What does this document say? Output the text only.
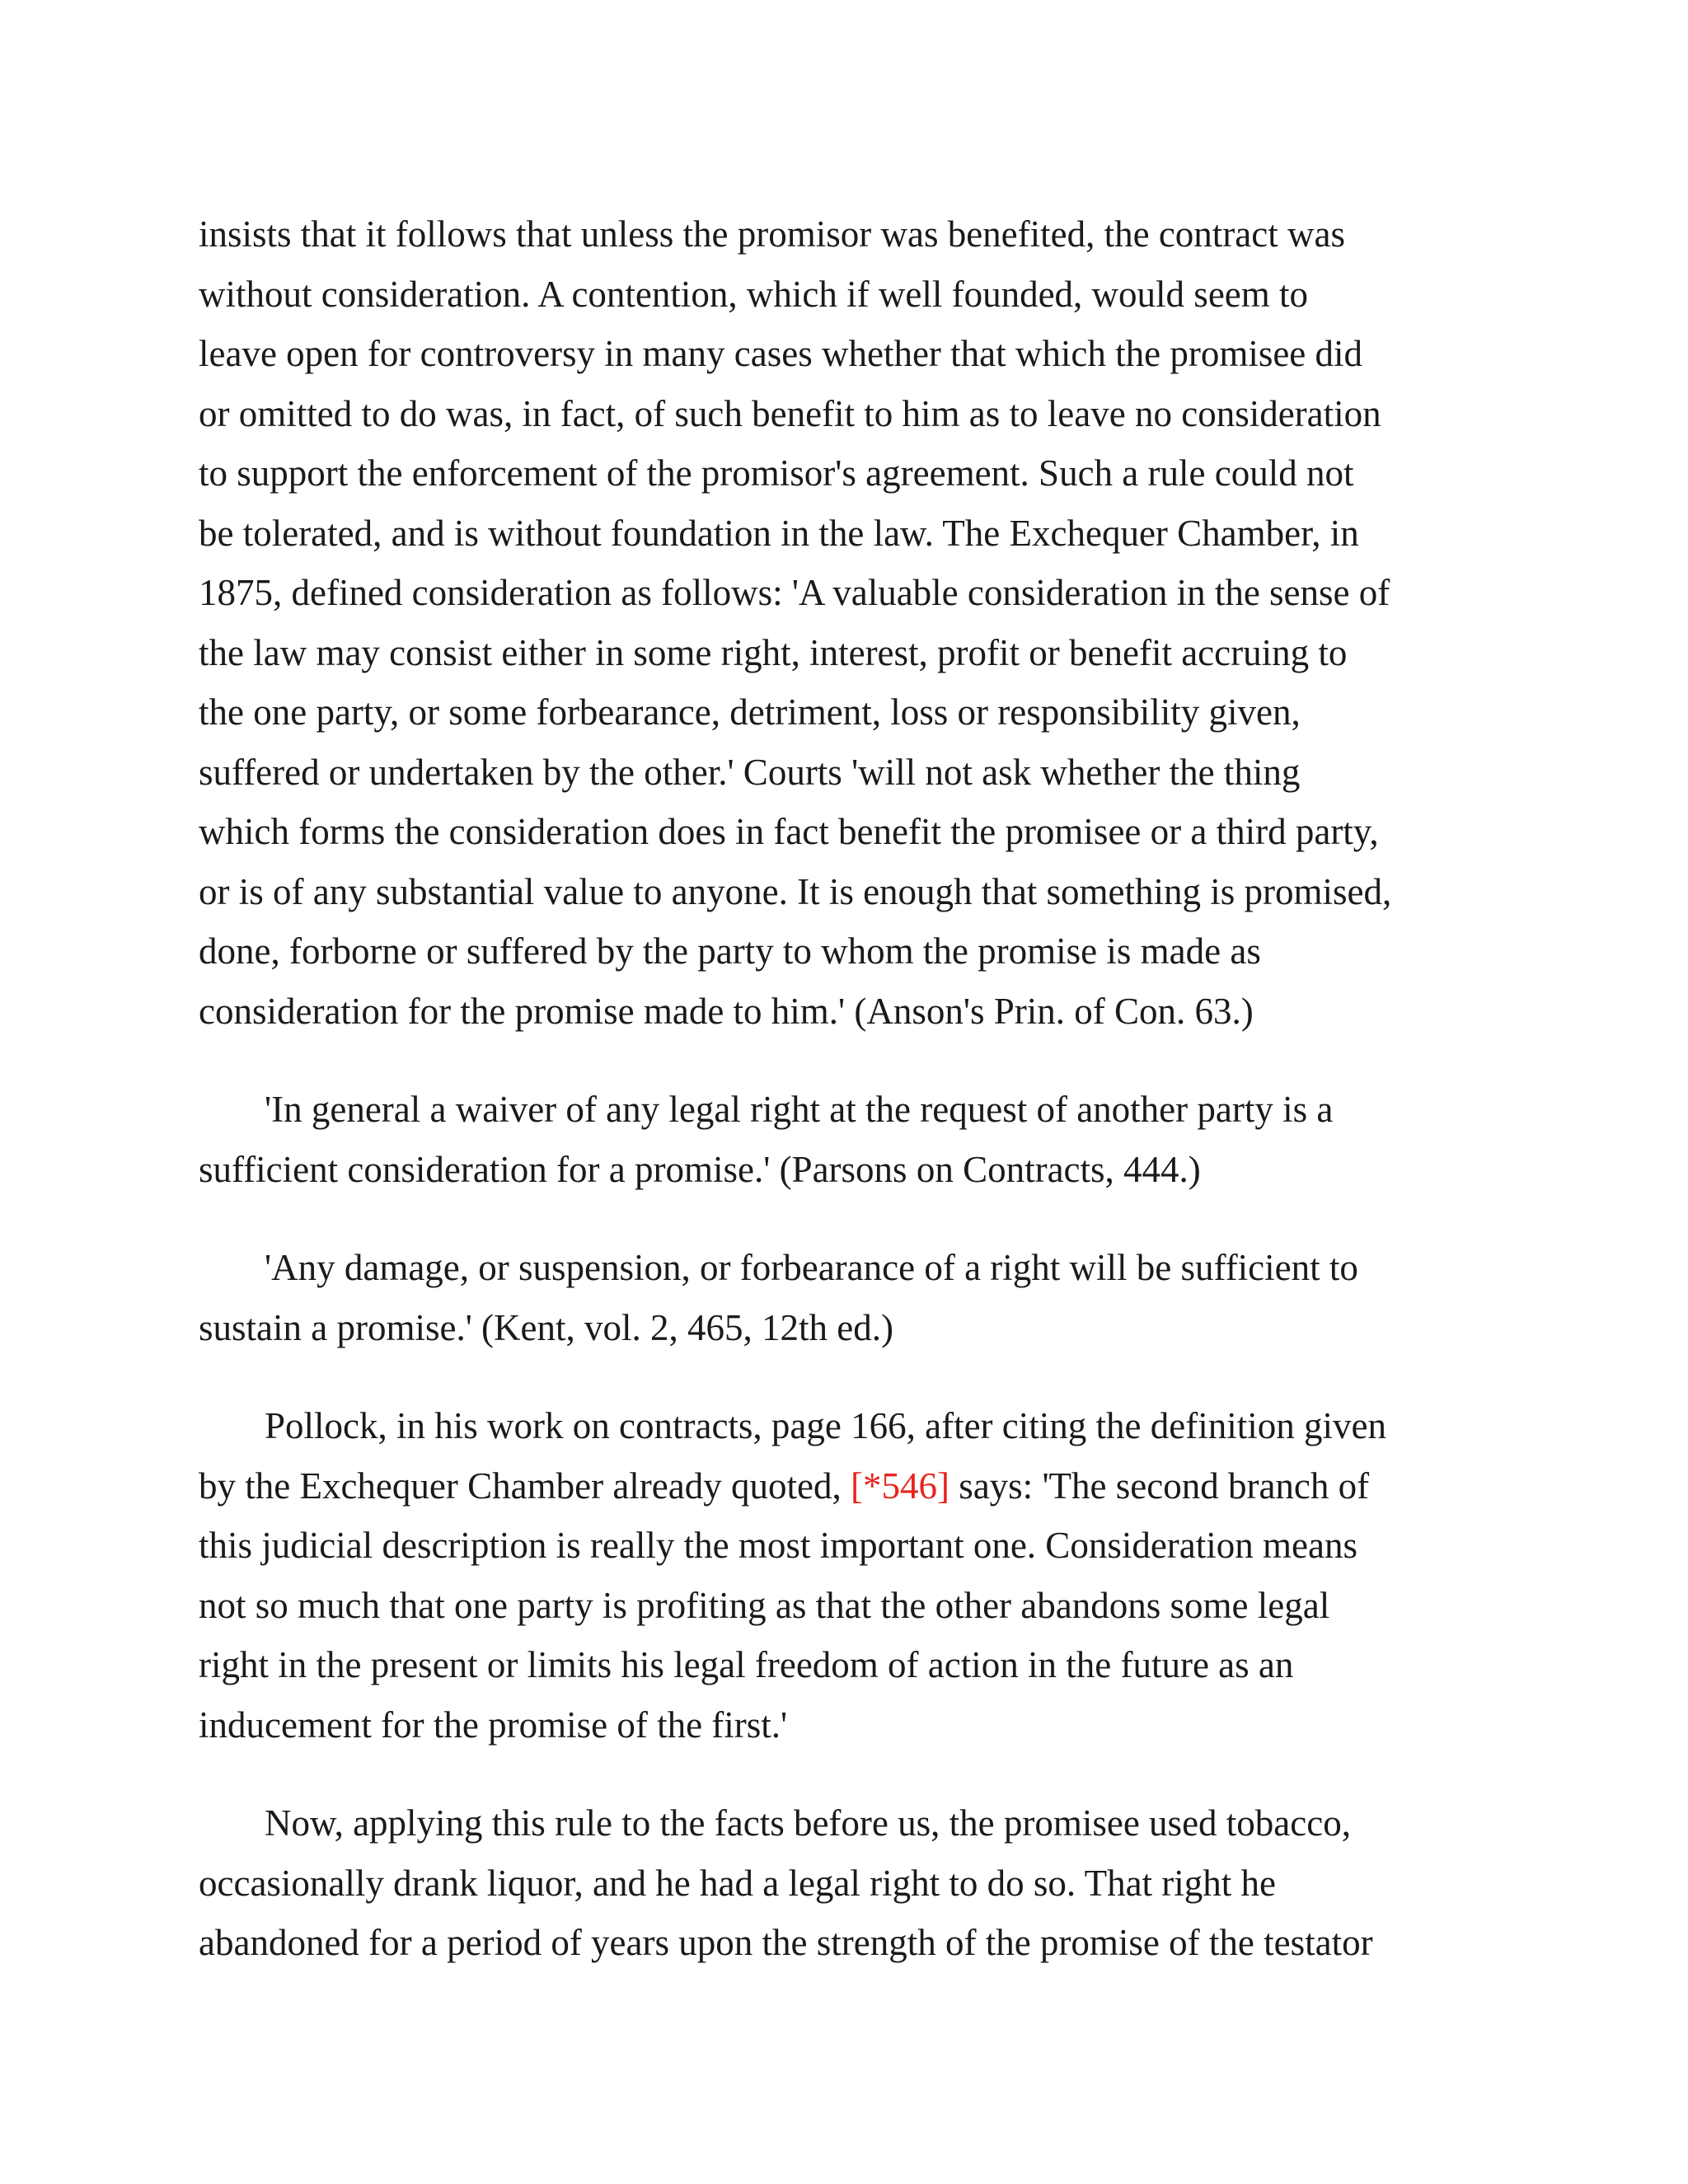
insists that it follows that unless the promisor was benefited, the contract was
without consideration. A contention, which if well founded, would seem to
leave open for controversy in many cases whether that which the promisee did
or omitted to do was, in fact, of such benefit to him as to leave no consideration
to support the enforcement of the promisor's agreement. Such a rule could not
be tolerated, and is without foundation in the law. The Exchequer Chamber, in
1875, defined consideration as follows: 'A valuable consideration in the sense of
the law may consist either in some right, interest, profit or benefit accruing to
the one party, or some forbearance, detriment, loss or responsibility given,
suffered or undertaken by the other.' Courts 'will not ask whether the thing
which forms the consideration does in fact benefit the promisee or a third party,
or is of any substantial value to anyone. It is enough that something is promised,
done, forborne or suffered by the party to whom the promise is made as
consideration for the promise made to him.' (Anson's Prin. of Con. 63.)

'In general a waiver of any legal right at the request of another party is a
sufficient consideration for a promise.' (Parsons on Contracts, 444.)

'Any damage, or suspension, or forbearance of a right will be sufficient to
sustain a promise.' (Kent, vol. 2, 465, 12th ed.)

Pollock, in his work on contracts, page 166, after citing the definition given
by the Exchequer Chamber already quoted, [*546] says: 'The second branch of
this judicial description is really the most important one. Consideration means
not so much that one party is profiting as that the other abandons some legal
right in the present or limits his legal freedom of action in the future as an
inducement for the promise of the first.'

Now, applying this rule to the facts before us, the promisee used tobacco,
occasionally drank liquor, and he had a legal right to do so. That right he
abandoned for a period of years upon the strength of the promise of the testator
